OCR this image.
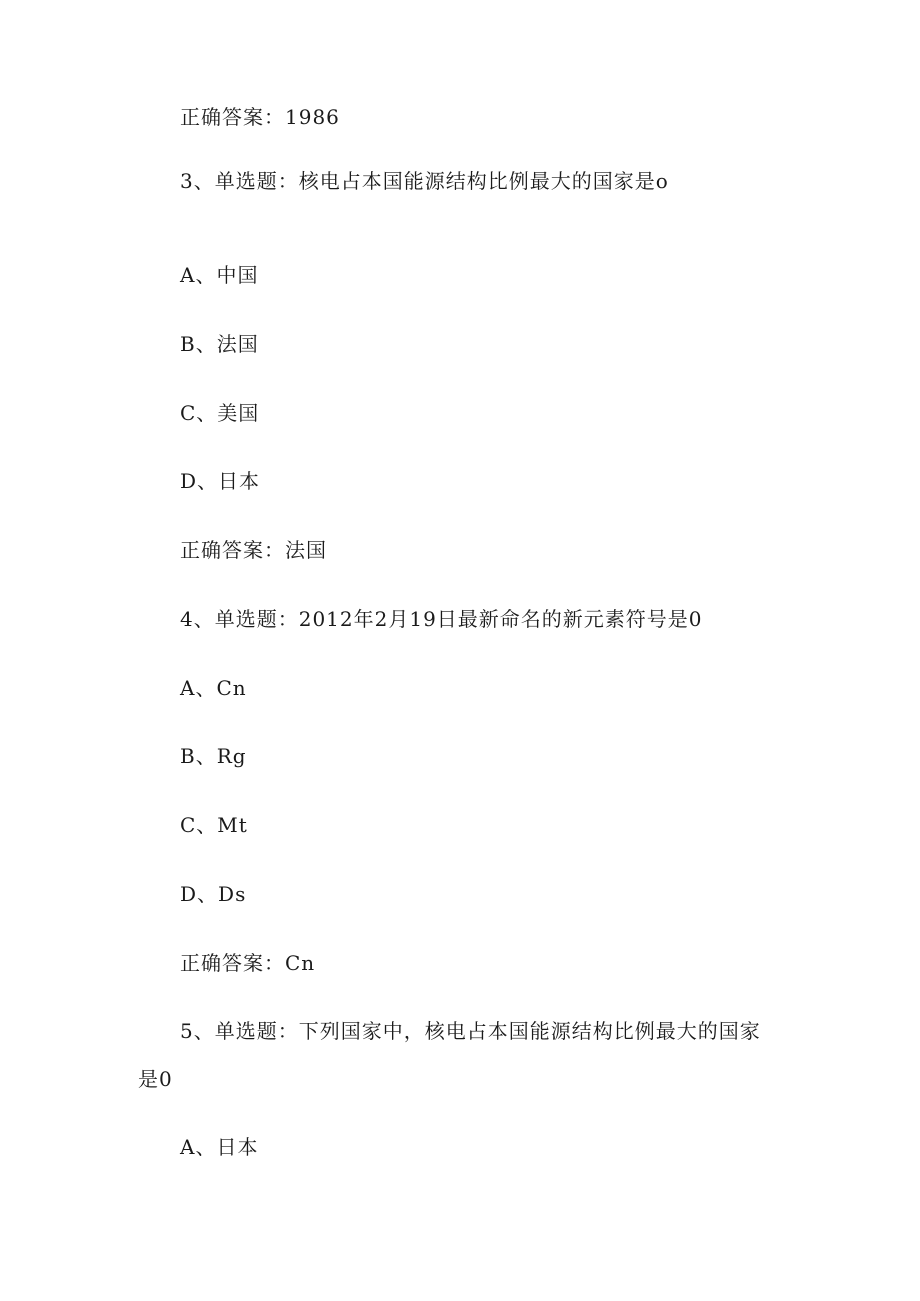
正确答案：1986
3、单选题：核电占本国能源结构比例最大的国家是o
A、中国
B、法国
C、美国
D、日本
正确答案：法国
4、单选题：2012年2月19日最新命名的新元素符号是0
A、Cn
B、Rg
C、Mt
D、Ds
正确答案：Cn
5、单选题：下列国家中，核电占本国能源结构比例最大的国家
是0
A、日本
